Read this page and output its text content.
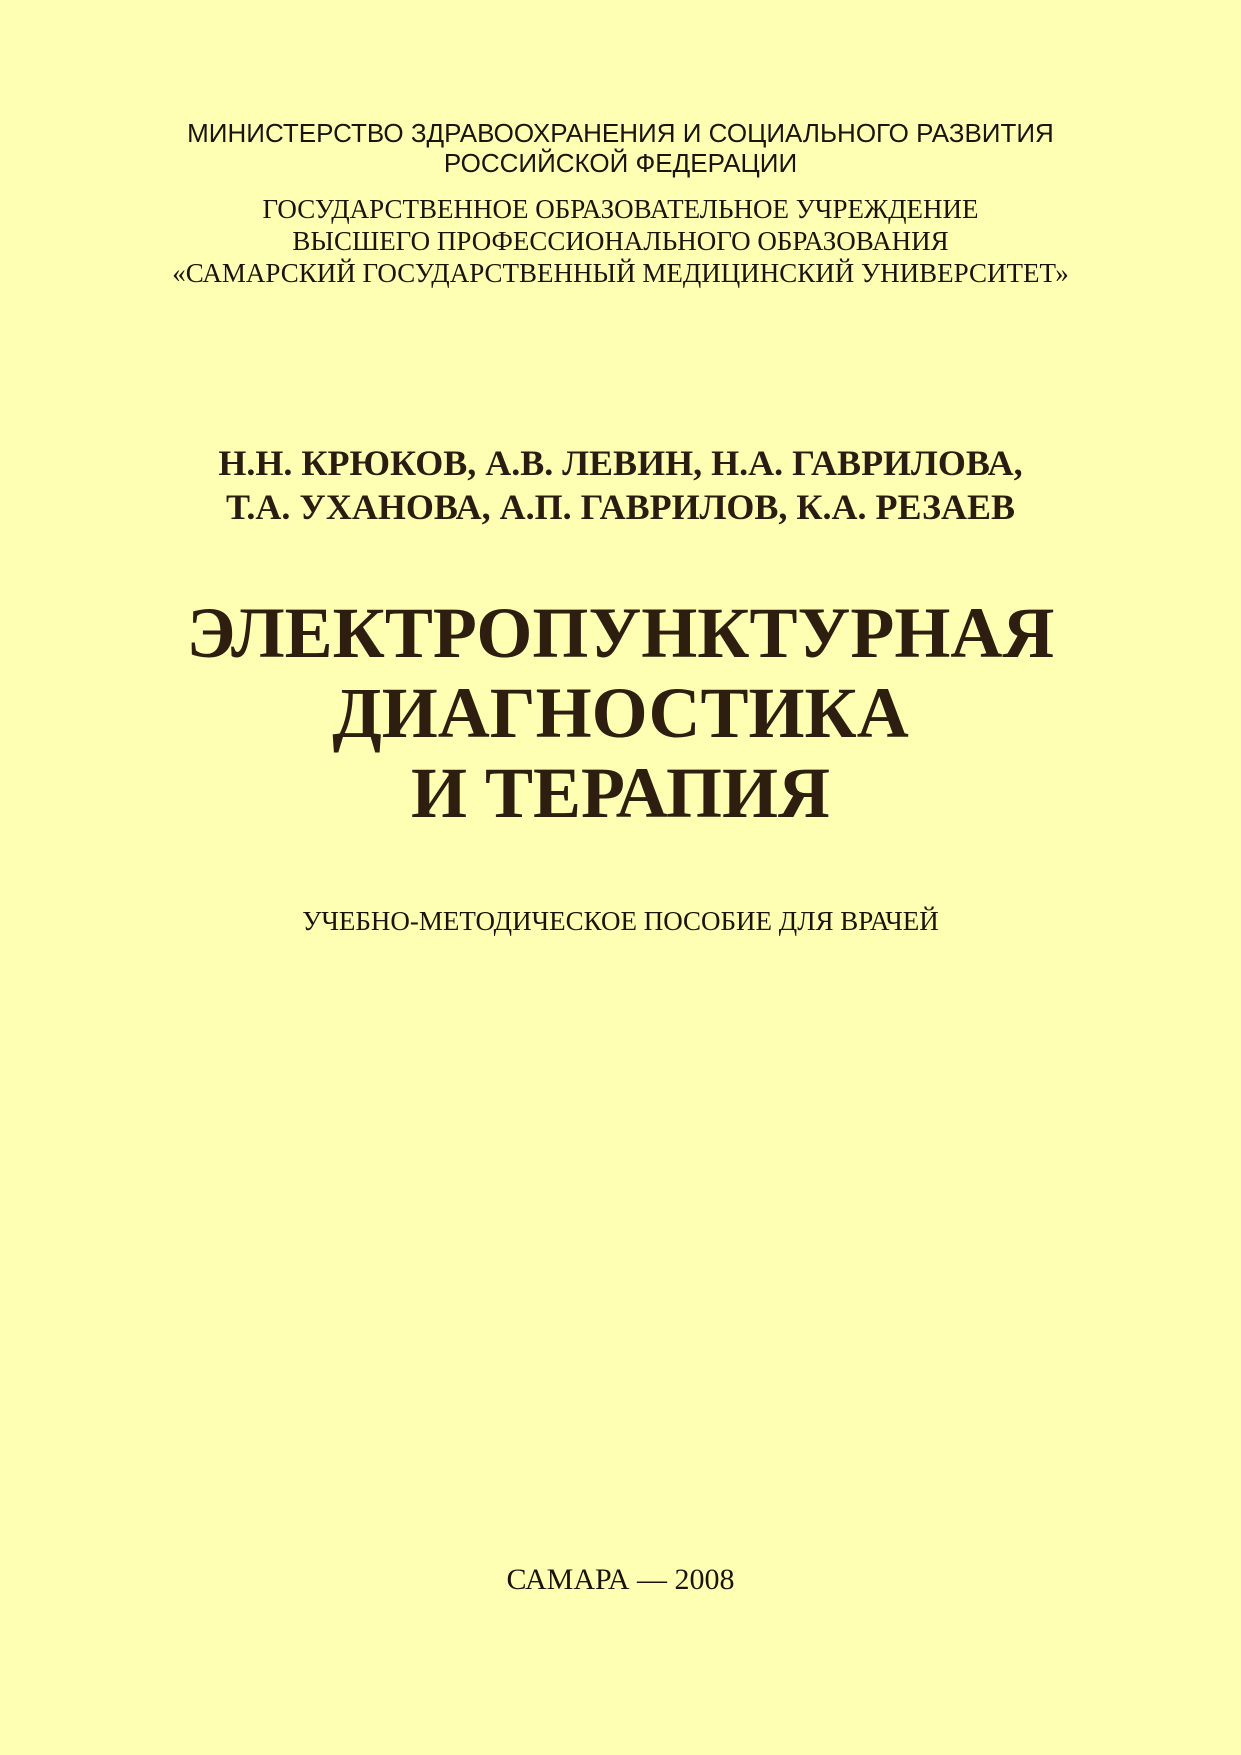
МИНИСТЕРСТВО ЗДРАВООХРАНЕНИЯ И СОЦИАЛЬНОГО РАЗВИТИЯ
РОССИЙСКОЙ ФЕДЕРАЦИИ
ГОСУДАРСТВЕННОЕ ОБРАЗОВАТЕЛЬНОЕ УЧРЕЖДЕНИЕ
ВЫСШЕГО ПРОФЕССИОНАЛЬНОГО ОБРАЗОВАНИЯ
«САМАРСКИЙ ГОСУДАРСТВЕННЫЙ МЕДИЦИНСКИЙ УНИВЕРСИТЕТ»
Н.Н. КРЮКОВ, А.В. ЛЕВИН, Н.А. ГАВРИЛОВА,
Т.А. УХАНОВА, А.П. ГАВРИЛОВ, К.А. РЕЗАЕВ
ЭЛЕКТРОПУНКТУРНАЯ
ДИАГНОСТИКА
И ТЕРАПИЯ
УЧЕБНО-МЕТОДИЧЕСКОЕ ПОСОБИЕ ДЛЯ ВРАЧЕЙ
САМАРА — 2008
